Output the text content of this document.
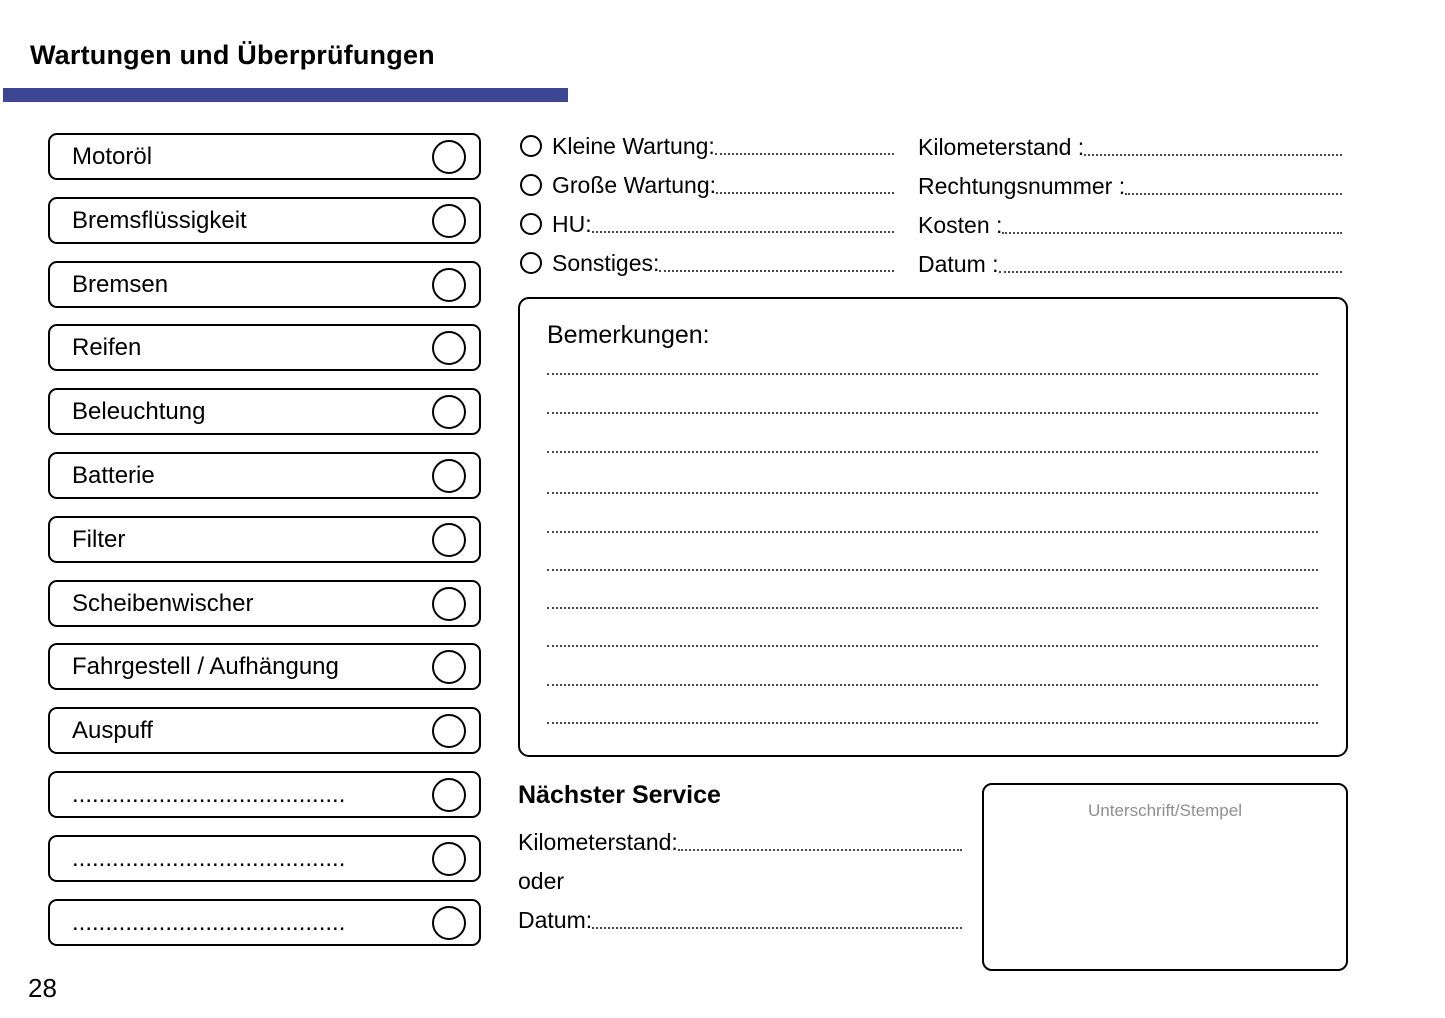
Wartungen und Überprüfungen
Motoröl
Bremsflüssigkeit
Bremsen
Reifen
Beleuchtung
Batterie
Filter
Scheibenwischer
Fahrgestell / Aufhängung
Auspuff
.........................................
.........................................
.........................................
Kleine Wartung:
Große Wartung:
HU:
Sonstiges:
Kilometerstand :
Rechtungsnummer :
Kosten :
Datum :
Bemerkungen:
Nächster Service
Kilometerstand:
oder
Datum:
Unterschrift/Stempel
28
